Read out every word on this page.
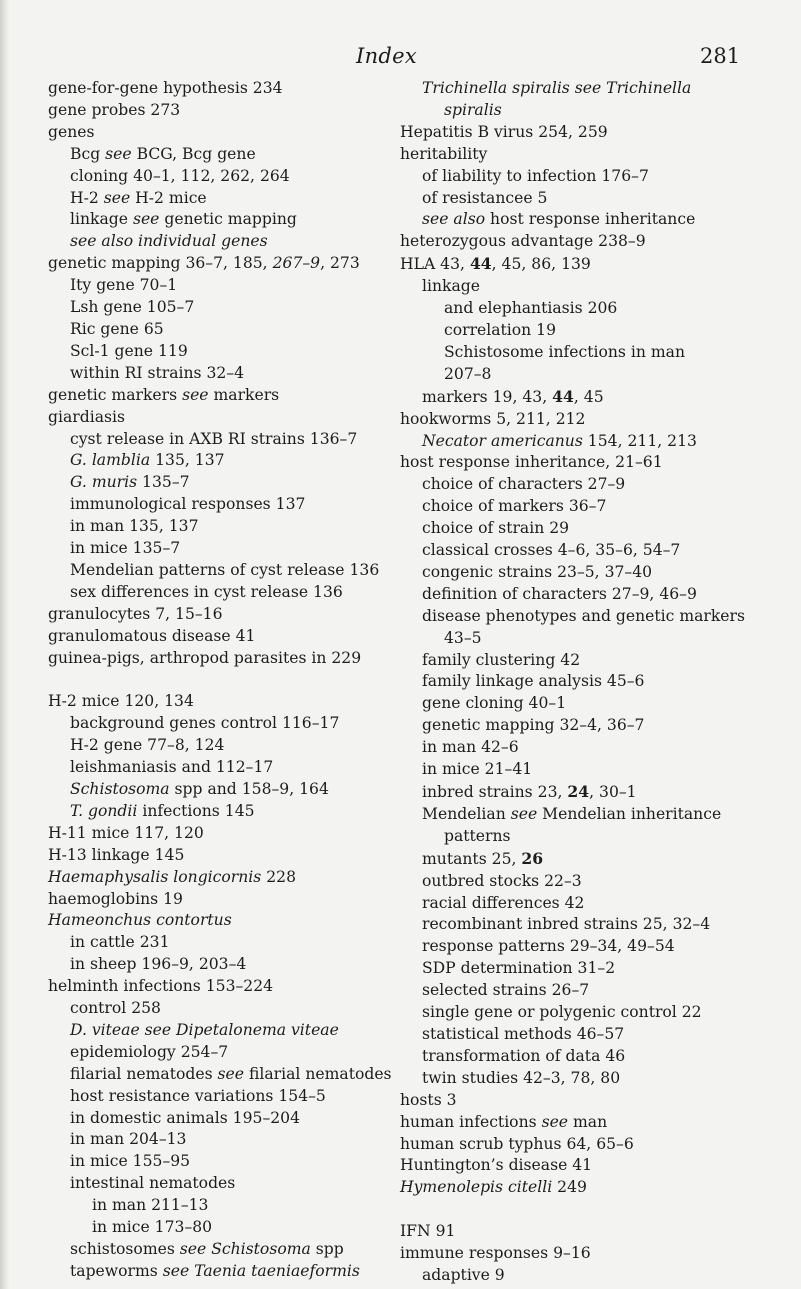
Index	281
gene-for-gene hypothesis 234
gene probes 273
genes
Bcg see BCG, Bcg gene
cloning 40–1, 112, 262, 264
H-2 see H-2 mice
linkage see genetic mapping
see also individual genes
genetic mapping 36–7, 185, 267–9, 273
Ity gene 70–1
Lsh gene 105–7
Ric gene 65
Scl-1 gene 119
within RI strains 32–4
genetic markers see markers
giardiasis
cyst release in AXB RI strains 136–7
G. lamblia 135, 137
G. muris 135–7
immunological responses 137
in man 135, 137
in mice 135–7
Mendelian patterns of cyst release 136
sex differences in cyst release 136
granulocytes 7, 15–16
granulomatous disease 41
guinea-pigs, arthropod parasites in 229
H-2 mice 120, 134
background genes control 116–17
H-2 gene 77–8, 124
leishmaniasis and 112–17
Schistosoma spp and 158–9, 164
T. gondii infections 145
H-11 mice 117, 120
H-13 linkage 145
Haemaphysalis longicornis 228
haemoglobins 19
Hameonchus contortus
in cattle 231
in sheep 196–9, 203–4
helminth infections 153–224
control 258
D. viteae see Dipetalonema viteae
epidemiology 254–7
filarial nematodes see filarial nematodes
host resistance variations 154–5
in domestic animals 195–204
in man 204–13
in mice 155–95
intestinal nematodes
in man 211–13
in mice 173–80
schistosomes see Schistosoma spp
tapeworms see Taenia taeniaeformis
Trichinella spiralis see Trichinella
spiralis
Hepatitis B virus 254, 259
heritability
of liability to infection 176–7
of resistancee 5
see also host response inheritance
heterozygous advantage 238–9
HLA 43, 44, 45, 86, 139
linkage
and elephantiasis 206
correlation 19
Schistosome infections in man
207–8
markers 19, 43, 44, 45
hookworms 5, 211, 212
Necator americanus 154, 211, 213
host response inheritance, 21–61
choice of characters 27–9
choice of markers 36–7
choice of strain 29
classical crosses 4–6, 35–6, 54–7
congenic strains 23–5, 37–40
definition of characters 27–9, 46–9
disease phenotypes and genetic markers
43–5
family clustering 42
family linkage analysis 45–6
gene cloning 40–1
genetic mapping 32–4, 36–7
in man 42–6
in mice 21–41
inbred strains 23, 24, 30–1
Mendelian see Mendelian inheritance
patterns
mutants 25, 26
outbred stocks 22–3
racial differences 42
recombinant inbred strains 25, 32–4
response patterns 29–34, 49–54
SDP determination 31–2
selected strains 26–7
single gene or polygenic control 22
statistical methods 46–57
transformation of data 46
twin studies 42–3, 78, 80
hosts 3
human infections see man
human scrub typhus 64, 65–6
Huntington’s disease 41
Hymenolepis citelli 249
IFN 91
immune responses 9–16
adaptive 9
